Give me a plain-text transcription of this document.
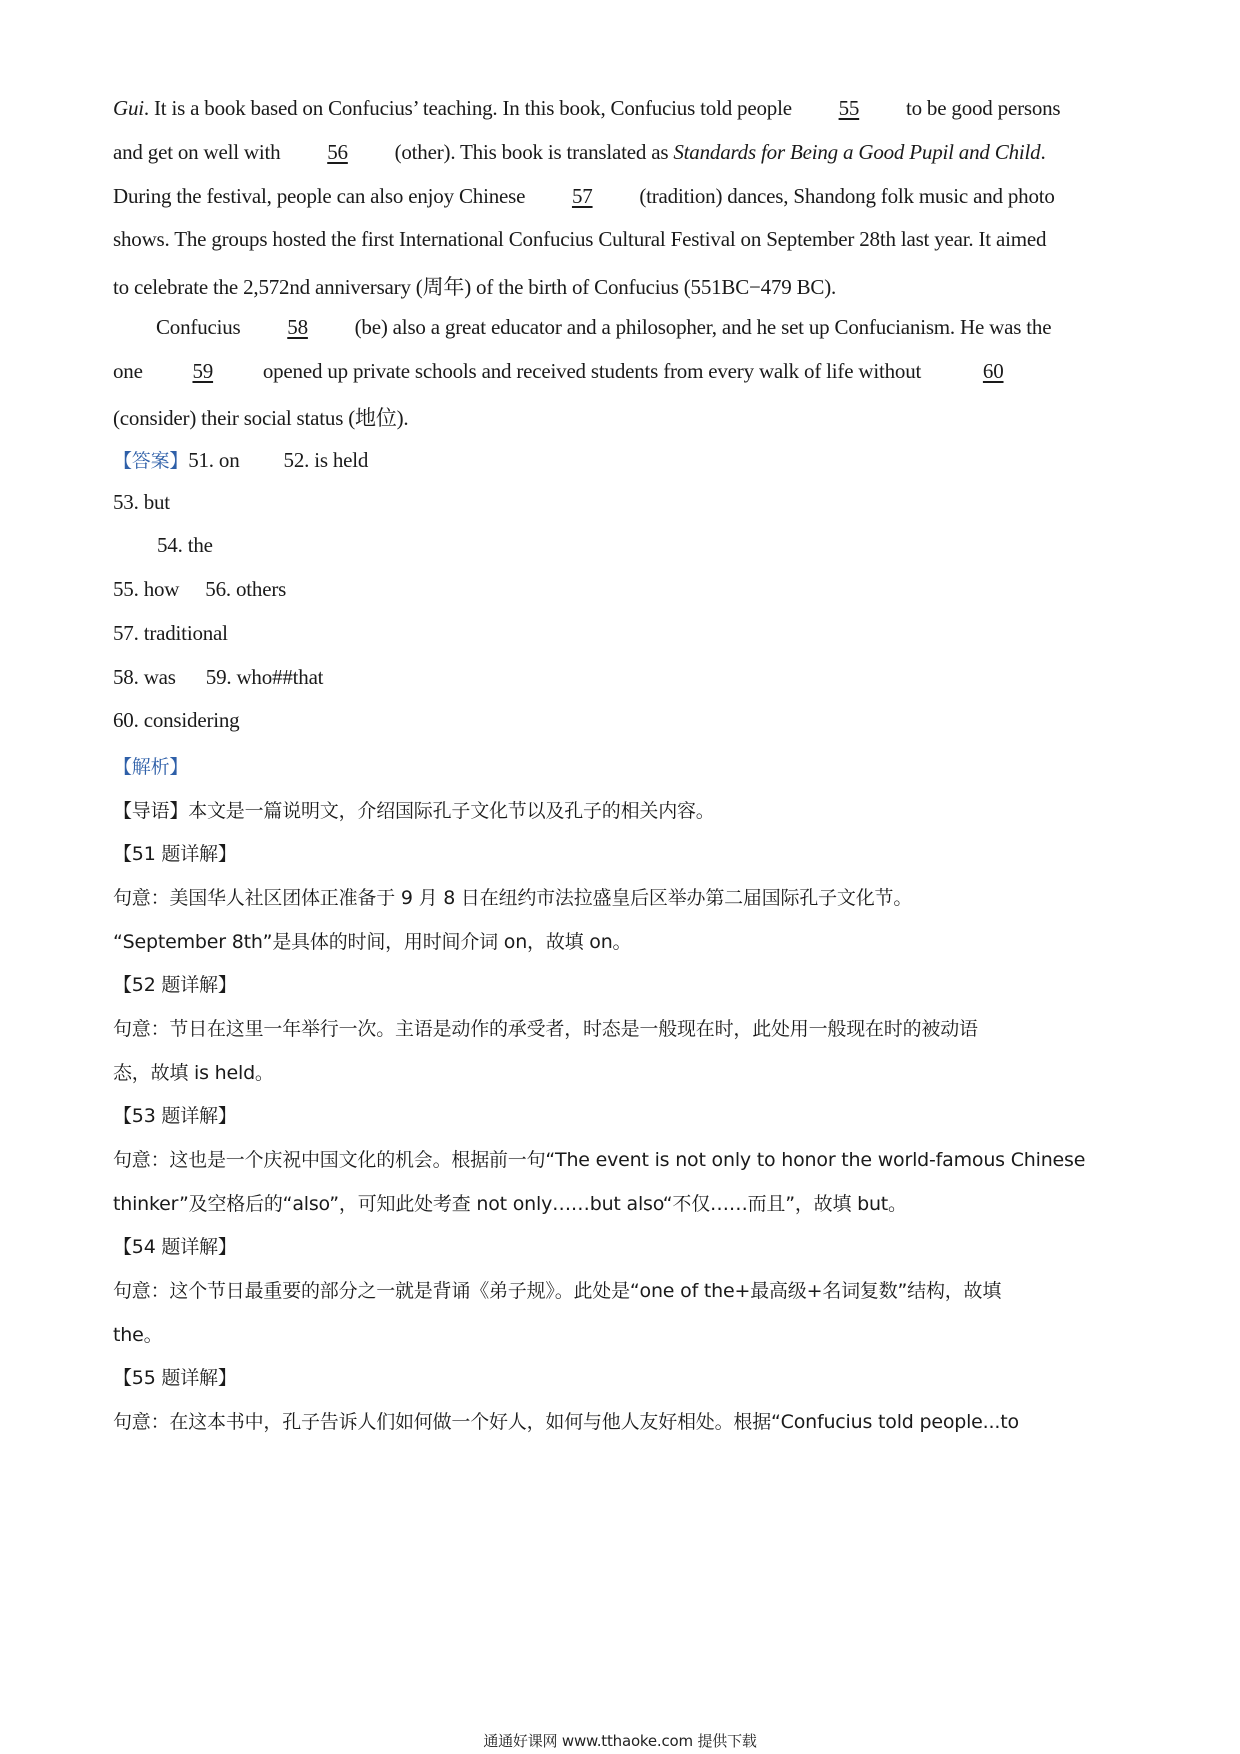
Gui. It is a book based on Confucius’ teaching. In this book, Confucius told people 55 to be good persons
and get on well with 56 (other). This book is translated as Standards for Being a Good Pupil and Child.
During the festival, people can also enjoy Chinese 57 (tradition) dances, Shandong folk music and photo
shows. The groups hosted the first International Confucius Cultural Festival on September 28th last year. It aimed
to celebrate the 2,572nd anniversary (周年) of the birth of Confucius (551BC−479 BC).
Confucius 58 (be) also a great educator and a philosopher, and he set up Confucianism. He was the
one 59 opened up private schools and received students from every walk of life without	60
(consider) their social status (地位).
【答案】51. on 52. is held
53. but
54. the
55. how 56. others
57. traditional
58. was 59. who##that
60. considering
【解析】
【导语】本文是一篇说明文，介绍国际孔子文化节以及孔子的相关内容。
【51 题详解】
句意：美国华人社区团体正准备于 9 月 8 日在纽约市法拉盛皇后区举办第二届国际孔子文化节。
“September 8th”是具体的时间，用时间介词 on，故填 on。
【52 题详解】
句意：节日在这里一年举行一次。主语是动作的承受者，时态是一般现在时，此处用一般现在时的被动语
态，故填 is held。
【53 题详解】
句意：这也是一个庆祝中国文化的机会。根据前一句“The event is not only to honor the world-famous Chinese
thinker”及空格后的“also”，可知此处考查 not only……but also“不仅……而且”，故填 but。
【54 题详解】
句意：这个节日最重要的部分之一就是背诵《弟子规》。此处是“one of the+最高级+名词复数”结构，故填
the。
【55 题详解】
句意：在这本书中，孔子告诉人们如何做一个好人，如何与他人友好相处。根据“Confucius told people...to
通通好课网 www.tthaoke.com 提供下载
